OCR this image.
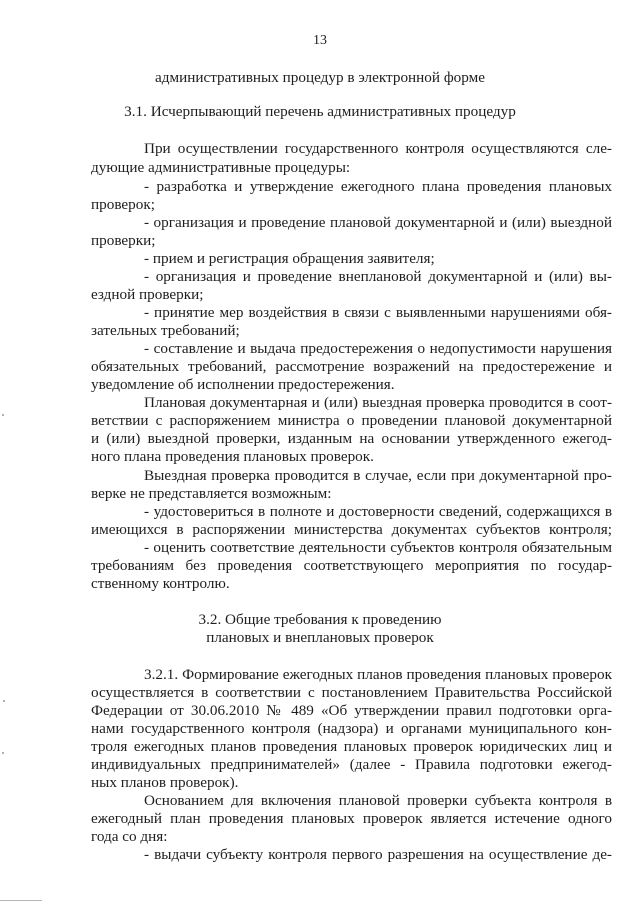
13
административных процедур в электронной форме
3.1. Исчерпывающий перечень административных процедур
При осуществлении государственного контроля осуществляются сле-
дующие административные процедуры:
- разработка и утверждение ежегодного плана проведения плановых
проверок;
- организация и проведение плановой документарной и (или) выездной
проверки;
- прием и регистрация обращения заявителя;
- организация и проведение внеплановой документарной и (или) вы-
ездной проверки;
- принятие мер воздействия в связи с выявленными нарушениями обя-
зательных требований;
- составление и выдача предостережения о недопустимости нарушения
обязательных требований, рассмотрение возражений на предостережение и
уведомление об исполнении предостережения.
Плановая документарная и (или) выездная проверка проводится в соот-
ветствии с распоряжением министра о проведении плановой документарной
и (или) выездной проверки, изданным на основании утвержденного ежегод-
ного плана проведения плановых проверок.
Выездная проверка проводится в случае, если при документарной про-
верке не представляется возможным:
- удостовериться в полноте и достоверности сведений, содержащихся в
имеющихся в распоряжении министерства документах субъектов контроля;
- оценить соответствие деятельности субъектов контроля обязательным
требованиям без проведения соответствующего мероприятия по государ-
ственному контролю.
3.2. Общие требования к проведению
плановых и внеплановых проверок
3.2.1. Формирование ежегодных планов проведения плановых проверок
осуществляется в соответствии с постановлением Правительства Российской
Федерации от 30.06.2010 № 489 «Об утверждении правил подготовки орга-
нами государственного контроля (надзора) и органами муниципального кон-
троля ежегодных планов проведения плановых проверок юридических лиц и
индивидуальных предпринимателей» (далее - Правила подготовки ежегод-
ных планов проверок).
Основанием для включения плановой проверки субъекта контроля в
ежегодный план проведения плановых проверок является истечение одного
года со дня:
- выдачи субъекту контроля первого разрешения на осуществление де-
